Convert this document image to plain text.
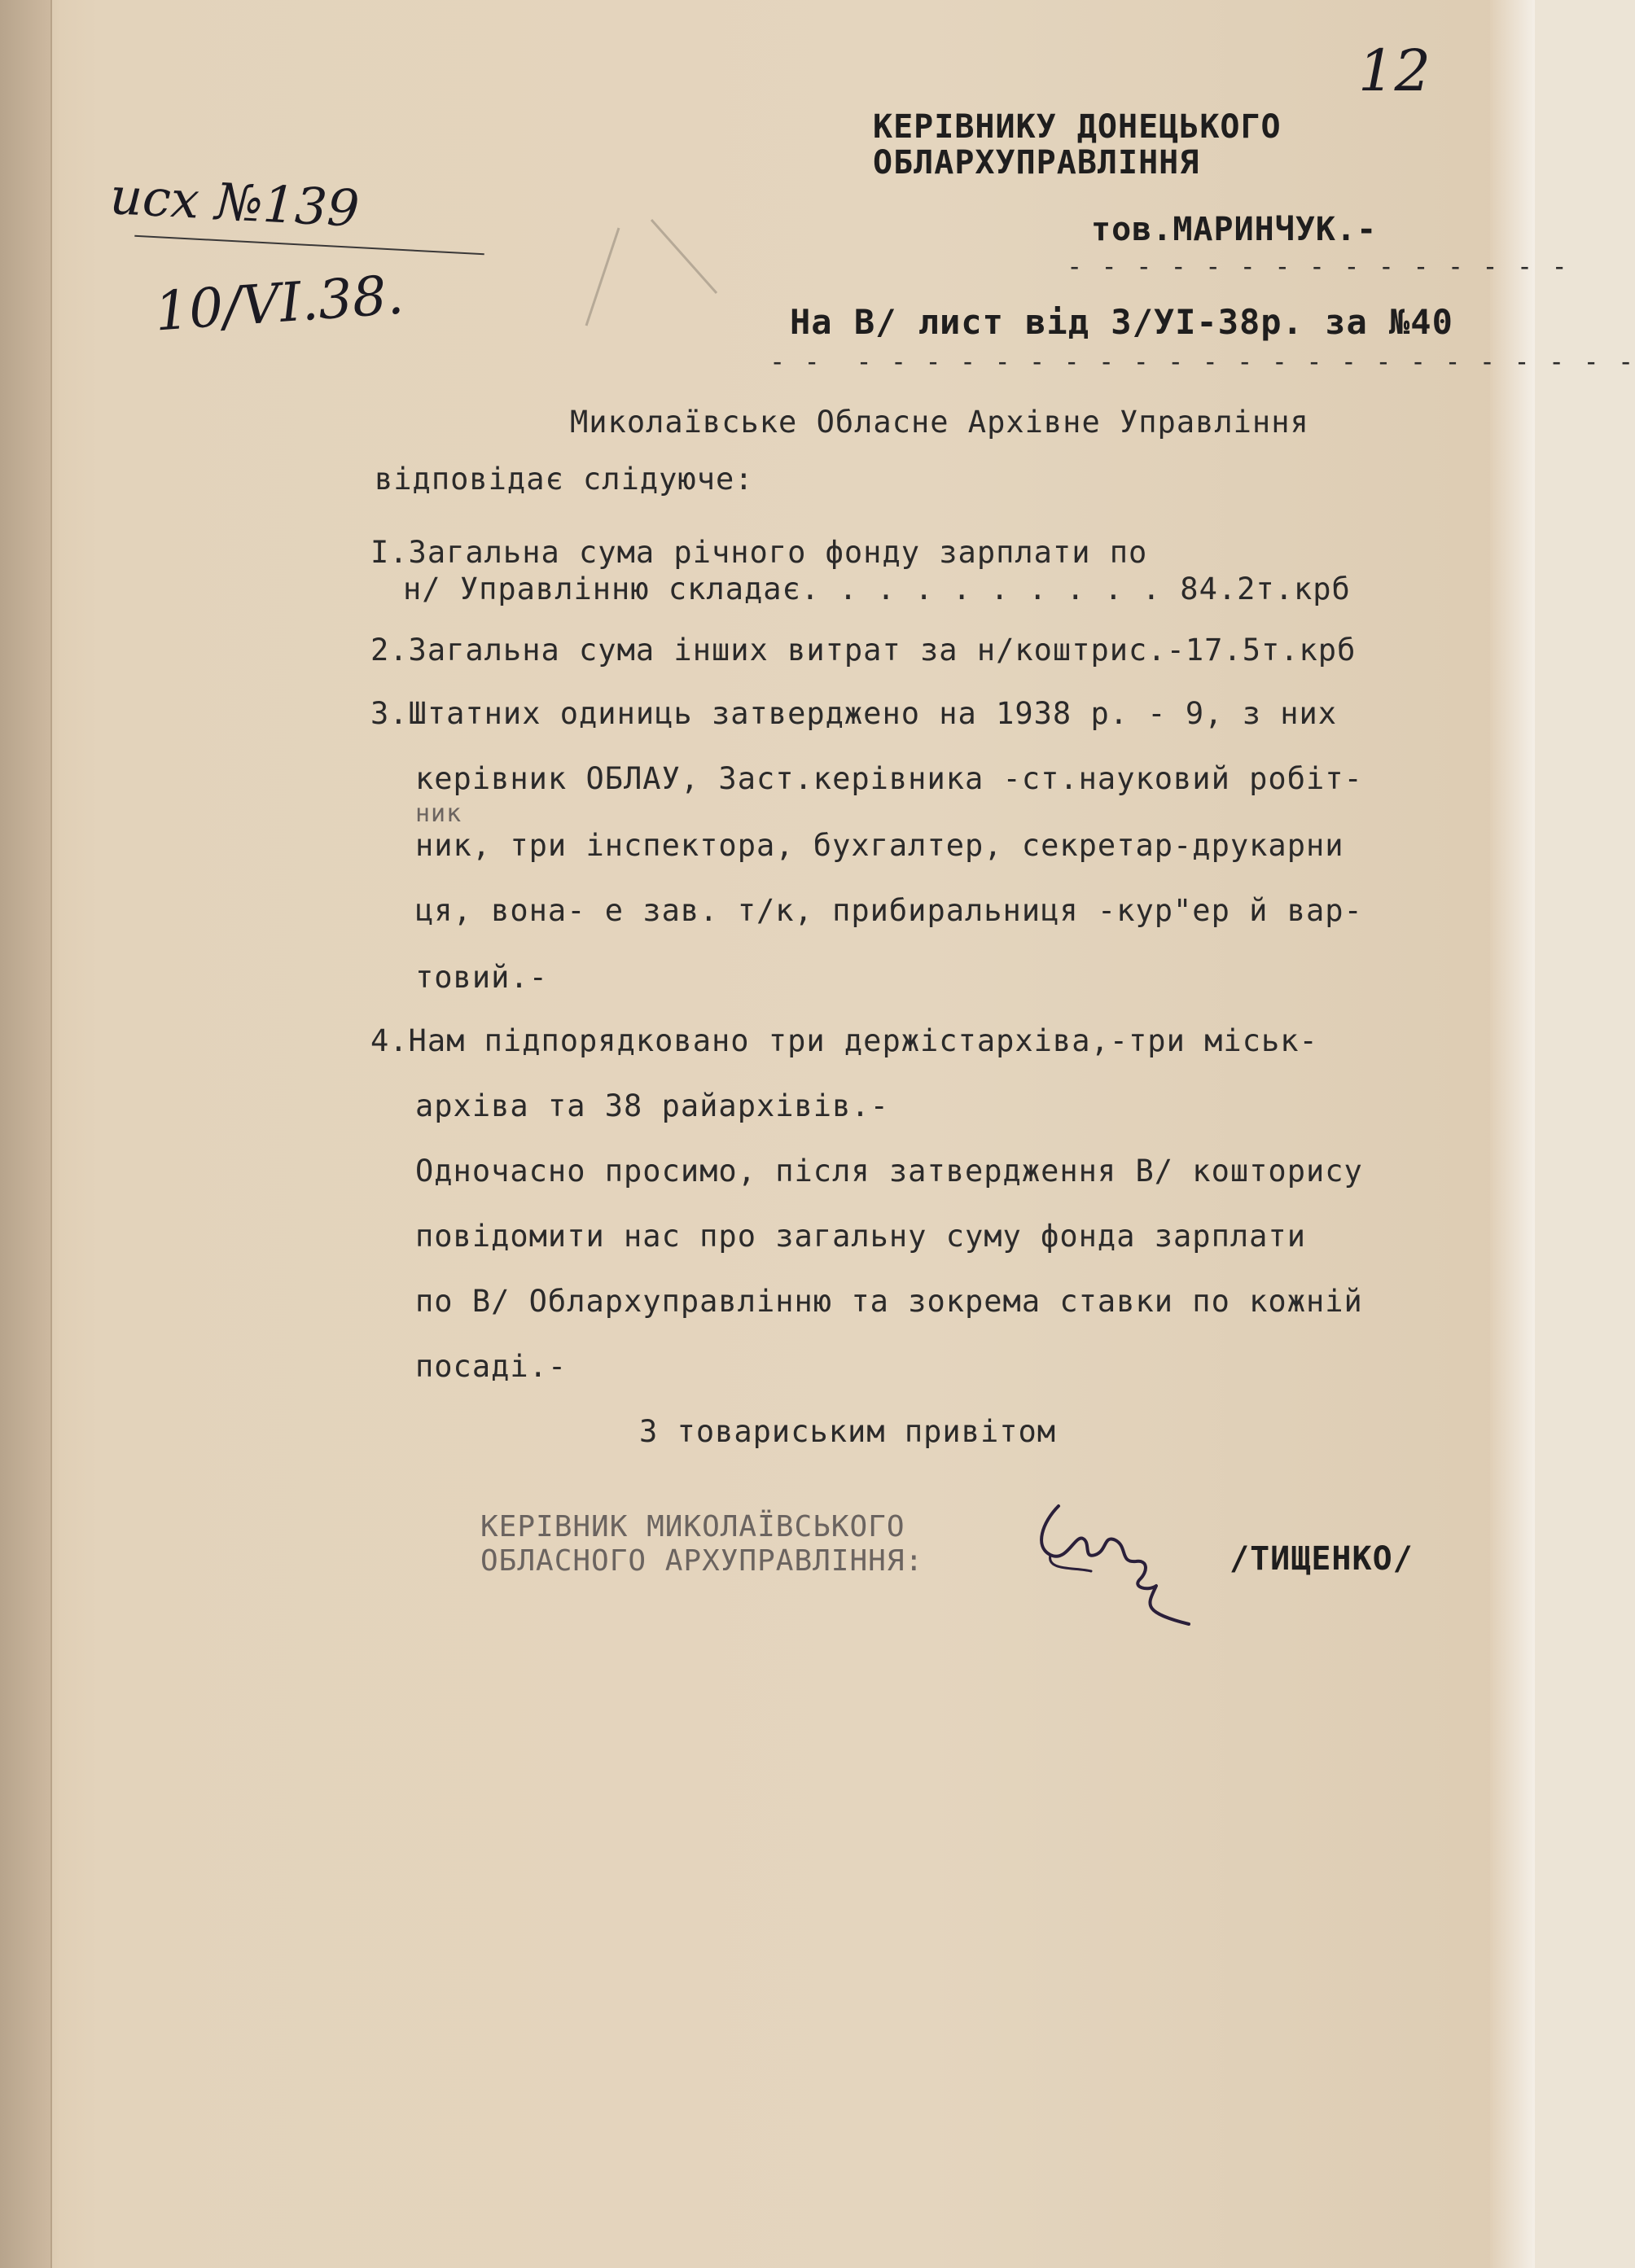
12
исх №139
10/VI.38.
КЕРІВНИКУ ДОНЕЦЬКОГО
ОБЛАРХУПРАВЛІННЯ
тов.МАРИНЧУК.-
- - - - - - - - - - - - - - -
На В/ лист від 3/УІ-38р. за №40
- -  - - - - - - - - - - - - - - - - - - - - - - -
Миколаївське Обласне Архівне Управління
відповідає слідуюче:
І.Загальна сума річного фонду зарплати по
н/ Управлінню складає. . . . . . . . . . 84.2т.крб
2.Загальна сума інших витрат за н/коштрис.-17.5т.крб
3.Штатних одиниць затверджено на 1938 р. - 9, з них
керівник ОБЛАУ, Заст.керівника -ст.науковий робіт-
ник
ник, три інспектора, бухгалтер, секретар-друкарни
ця, вона- е зав. т/к, прибиральниця -кур"ер й вар-
товий.-
4.Нам підпорядковано три держістархіва,-три міськ-
архіва та 38 райархівів.-
Одночасно просимо, після затвердження В/ кошторису
повідомити нас про загальну суму фонда зарплати
по В/ Облархуправлінню та зокрема ставки по кожній
посаді.-
З товариським привітом
КЕРІВНИК МИКОЛАЇВСЬКОГО
ОБЛАСНОГО АРХУПРАВЛІННЯ:	/ТИЩЕНКО/
